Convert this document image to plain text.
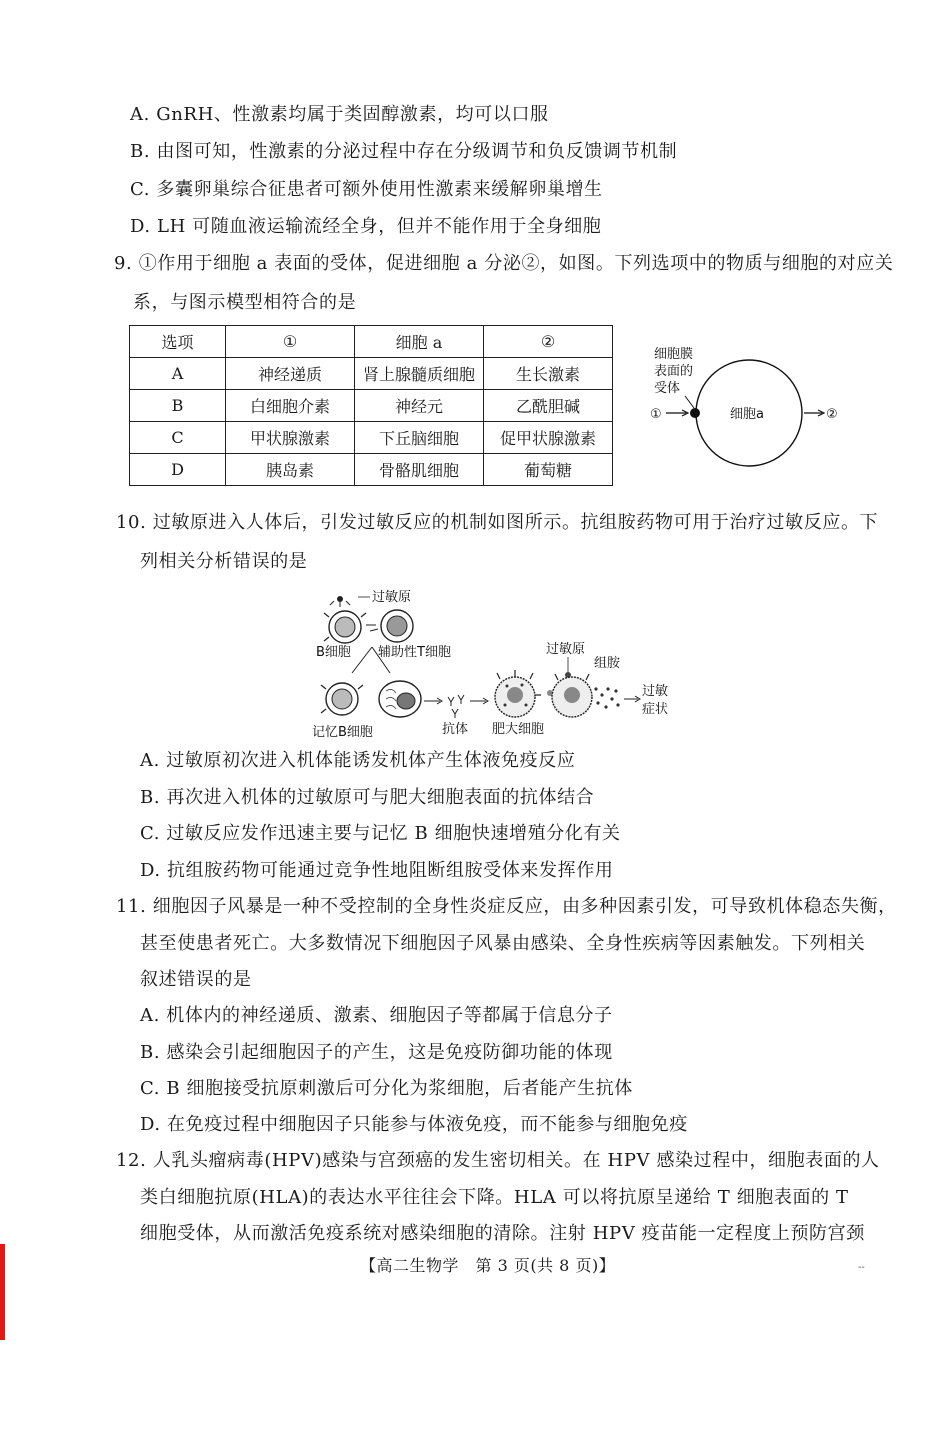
A. GnRH、性激素均属于类固醇激素，均可以口服
B. 由图可知，性激素的分泌过程中存在分级调节和负反馈调节机制
C. 多囊卵巢综合征患者可额外使用性激素来缓解卵巢增生
D. LH 可随血液运输流经全身，但并不能作用于全身细胞
9. ①作用于细胞 a 表面的受体，促进细胞 a 分泌②，如图。下列选项中的物质与细胞的对应关
系，与图示模型相符合的是
选项	①	细胞 a	②
A	神经递质	肾上腺髓质细胞	生长激素
B	白细胞介素	神经元	乙酰胆碱
C	甲状腺激素	下丘脑细胞	促甲状腺激素
D	胰岛素	骨骼肌细胞	葡萄糖
细胞膜
表面的
受体
①	细胞a	②
10. 过敏原进入人体后，引发过敏反应的机制如图所示。抗组胺药物可用于治疗过敏反应。下
列相关分析错误的是
过敏原
B细胞 辅助性T细胞
记忆B细胞	抗体 肥大细胞
过敏原
组胺
过敏
症状
A. 过敏原初次进入机体能诱发机体产生体液免疫反应
B. 再次进入机体的过敏原可与肥大细胞表面的抗体结合
C. 过敏反应发作迅速主要与记忆 B 细胞快速增殖分化有关
D. 抗组胺药物可能通过竞争性地阻断组胺受体来发挥作用
11. 细胞因子风暴是一种不受控制的全身性炎症反应，由多种因素引发，可导致机体稳态失衡，
甚至使患者死亡。大多数情况下细胞因子风暴由感染、全身性疾病等因素触发。下列相关
叙述错误的是
A. 机体内的神经递质、激素、细胞因子等都属于信息分子
B. 感染会引起细胞因子的产生，这是免疫防御功能的体现
C. B 细胞接受抗原刺激后可分化为浆细胞，后者能产生抗体
D. 在免疫过程中细胞因子只能参与体液免疫，而不能参与细胞免疫
12. 人乳头瘤病毒(HPV)感染与宫颈癌的发生密切相关。在 HPV 感染过程中，细胞表面的人
类白细胞抗原(HLA)的表达水平往往会下降。HLA 可以将抗原呈递给 T 细胞表面的 T
细胞受体，从而激活免疫系统对感染细胞的清除。注射 HPV 疫苗能一定程度上预防宫颈
【高二生物学　第 3 页(共 8 页)】	--
